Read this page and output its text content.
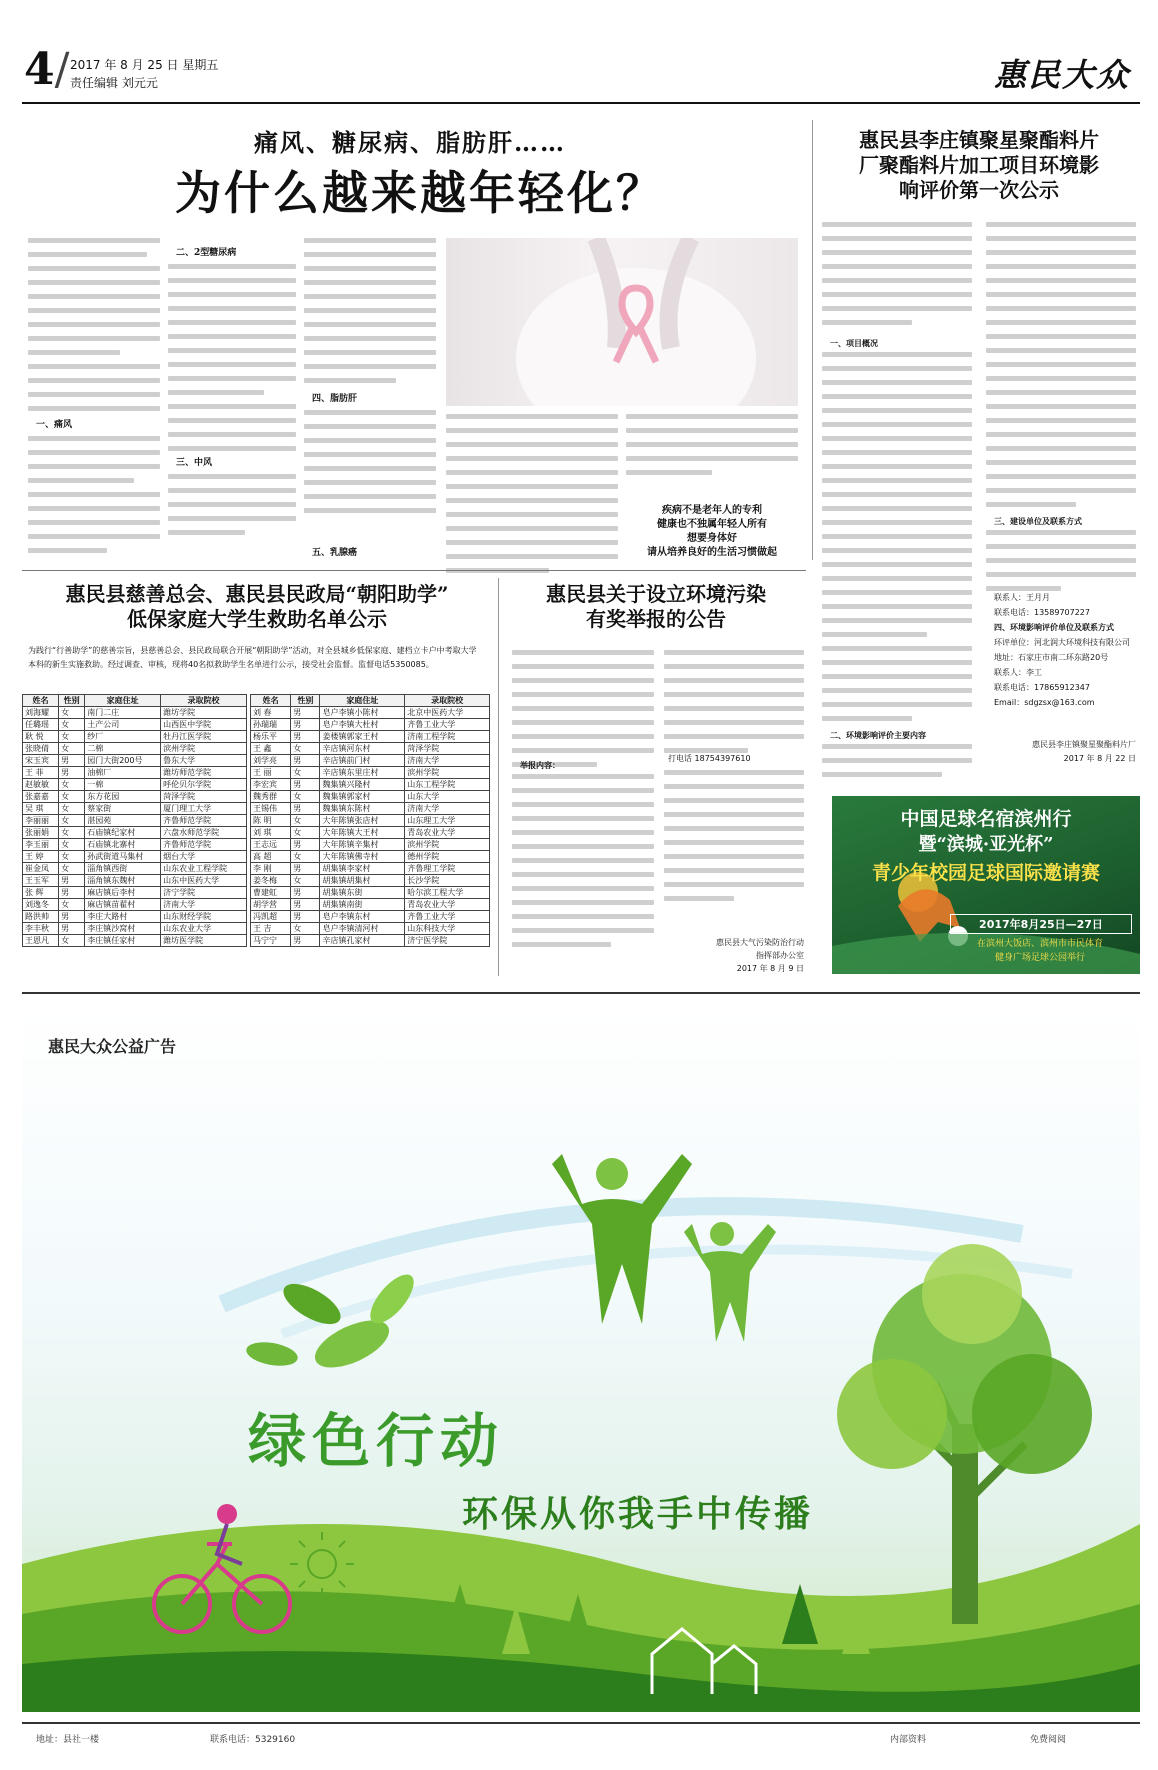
4/ 2017 年 8 月 25 日 星期五
责任编辑 刘元元	惠民大众
痛风、糖尿病、脂肪肝……
为什么越来越年轻化？
一、痛风
二、2型糖尿病
三、中风
四、脂肪肝
五、乳腺癌
疾病不是老年人的专利
健康也不独属年轻人所有
想要身体好
请从培养良好的生活习惯做起
惠民县李庄镇聚星聚酯料片
厂聚酯料片加工项目环境影
响评价第一次公示
一、项目概况
二、环境影响评价主要内容
三、建设单位及联系方式
联系人：王月月
联系电话：13589707227
四、环境影响评价单位及联系方式
环评单位：河北润大环境科技有限公司
地址：石家庄市南二环东路20号
联系人：李工
联系电话：17865912347
Email：sdgzsx@163.com
惠民县李庄镇聚星聚酯料片厂
2017 年 8 月 22 日
惠民县慈善总会、惠民县民政局“朝阳助学”
低保家庭大学生救助名单公示
为践行“行善助学”的慈善宗旨，县慈善总会、县民政局联合开展“朝阳助学”活动，对全县城乡低保家庭、建档立卡户中考取大学本科的新生实施救助。经过调查、审核，现将40名拟救助学生名单进行公示，接受社会监督。监督电话5350085。
姓名	性别	家庭住址	录取院校
刘海耀	女	南门二庄	潍坊学院
任璐瑶	女	土产公司	山西医中学院
耿 悦	女	纱厂	牡丹江医学院
张晓倩	女	二棉	滨州学院
宋玉宾	男	园门大街200号	鲁东大学
王 菲	男	油棉厂	潍坊师范学院
赵敏敏	女	一棉	呼伦贝尔学院
张嘉嘉	女	东方花园	菏泽学院
吴 琪	女	蔡家街	厦门理工大学
李丽丽	女	湛园苑	齐鲁师范学院
张丽娟	女	石庙镇纪家村	六盘水师范学院
李玉丽	女	石庙镇北寨村	齐鲁师范学院
王 婷	女	孙武街道马集村	烟台大学
崔金凤	女	淄角镇西街	山东农业工程学院
王玉军	男	淄角镇东魏村	山东中医药大学
张 辉	男	麻店镇后李村	济宁学院
刘逸冬	女	麻店镇苗翟村	济南大学
路洪帅	男	李庄大路村	山东财经学院
李丰秋	男	李庄镇沙窝村	山东农业大学
王恩凡	女	李庄镇任家村	潍坊医学院
姓名	性别	家庭住址	录取院校
刘 春	男	皂户李镇小陈村	北京中医药大学
孙瑞瑞	男	皂户李镇大杜村	齐鲁工业大学
杨乐平	男	姜楼镇郭家王村	济南工程学院
王 鑫	女	辛店镇河东村	菏泽学院
刘学亮	男	辛店镇前门村	济南大学
王 丽	女	辛店镇东里庄村	滨州学院
李宏宾	男	魏集镇兴隆村	山东工程学院
魏秀群	女	魏集镇郭家村	山东大学
王锡伟	男	魏集镇东陈村	济南大学
陈 明	女	大年陈镇张店村	山东理工大学
刘 琪	女	大年陈镇大王村	青岛农业大学
王志远	男	大年陈镇辛集村	滨州学院
高 超	女	大年陈镇佛寺村	德州学院
李 刚	男	胡集镇李家村	齐鲁理工学院
姜冬梅	女	胡集镇胡集村	长沙学院
曹建虹	男	胡集镇东街	哈尔滨工程大学
胡学营	男	胡集镇南街	青岛农业大学
冯凯超	男	皂户李镇东村	齐鲁工业大学
王 吉	女	皂户李镇清河村	山东科技大学
马宁宁	男	辛店镇孔家村	济宁医学院
惠民县关于设立环境污染
有奖举报的公告
举报内容：
打电话 18754397610
惠民县大气污染防治行动
指挥部办公室
2017 年 8 月 9 日
中国足球名宿滨州行
暨“滨城·亚光杯”
青少年校园足球国际邀请赛
2017年8月25日—27日
在滨州大饭店、滨州市市民体育
健身广场足球公园举行
惠民大众公益广告
绿色行动
环保从你我手中传播
地址：县社一楼	联系电话：5329160	内部资料	免费阅阅
